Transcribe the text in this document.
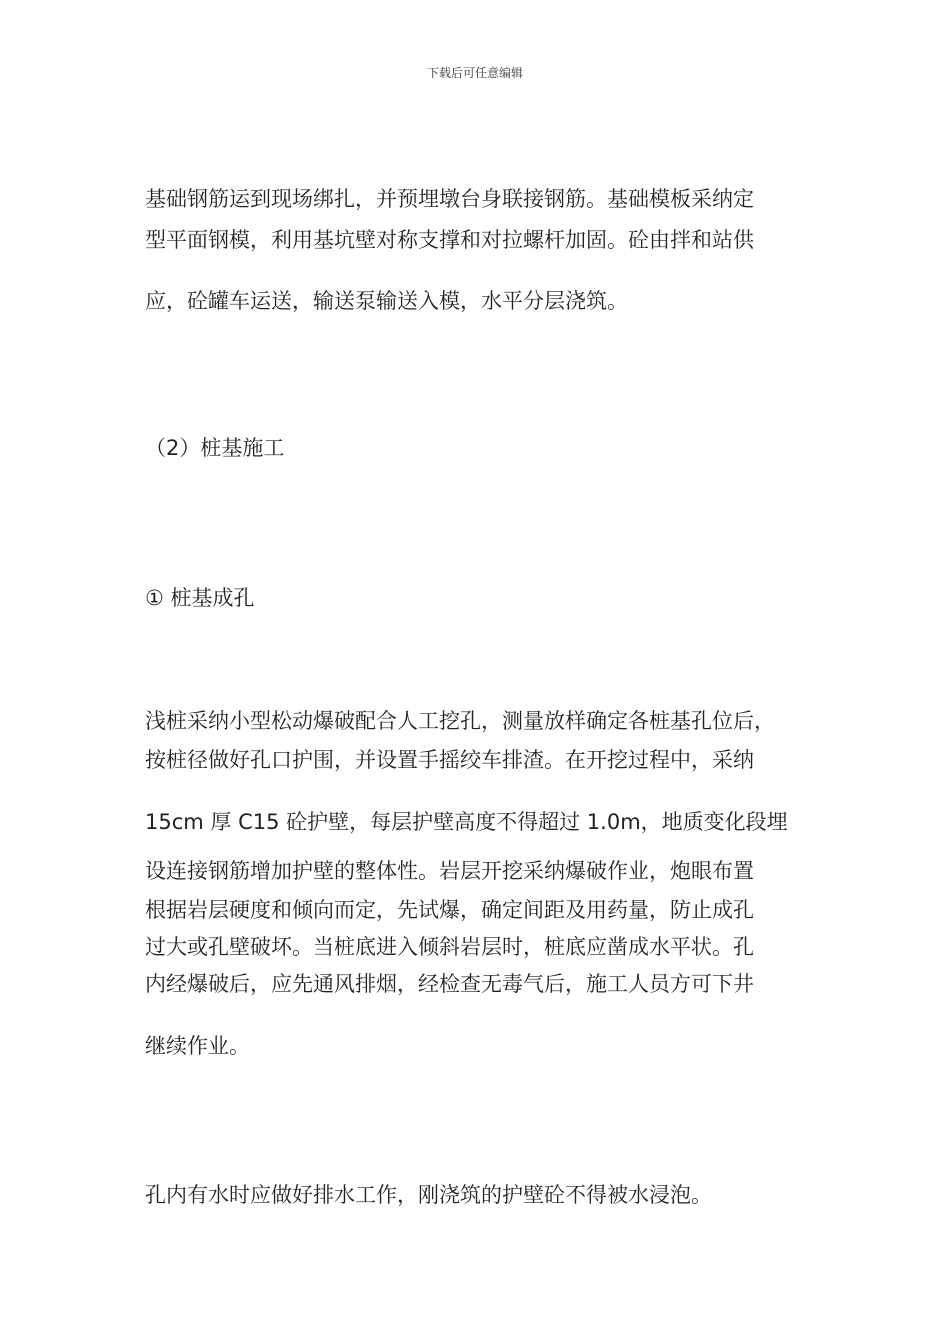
下载后可任意编辑
基础钢筋运到现场绑扎，并预埋墩台身联接钢筋。基础模板采纳定
型平面钢模，利用基坑壁对称支撑和对拉螺杆加固。砼由拌和站供
应，砼罐车运送，输送泵输送入模，水平分层浇筑。
（2）桩基施工
① 桩基成孔
浅桩采纳小型松动爆破配合人工挖孔，测量放样确定各桩基孔位后，
按桩径做好孔口护围，并设置手摇绞车排渣。在开挖过程中，采纳
15cm 厚 C15 砼护壁，每层护壁高度不得超过 1.0m，地质变化段埋
设连接钢筋增加护壁的整体性。岩层开挖采纳爆破作业，炮眼布置
根据岩层硬度和倾向而定，先试爆，确定间距及用药量，防止成孔
过大或孔壁破坏。当桩底进入倾斜岩层时，桩底应凿成水平状。孔
内经爆破后，应先通风排烟，经检查无毒气后，施工人员方可下井
继续作业。
孔内有水时应做好排水工作，刚浇筑的护壁砼不得被水浸泡。
